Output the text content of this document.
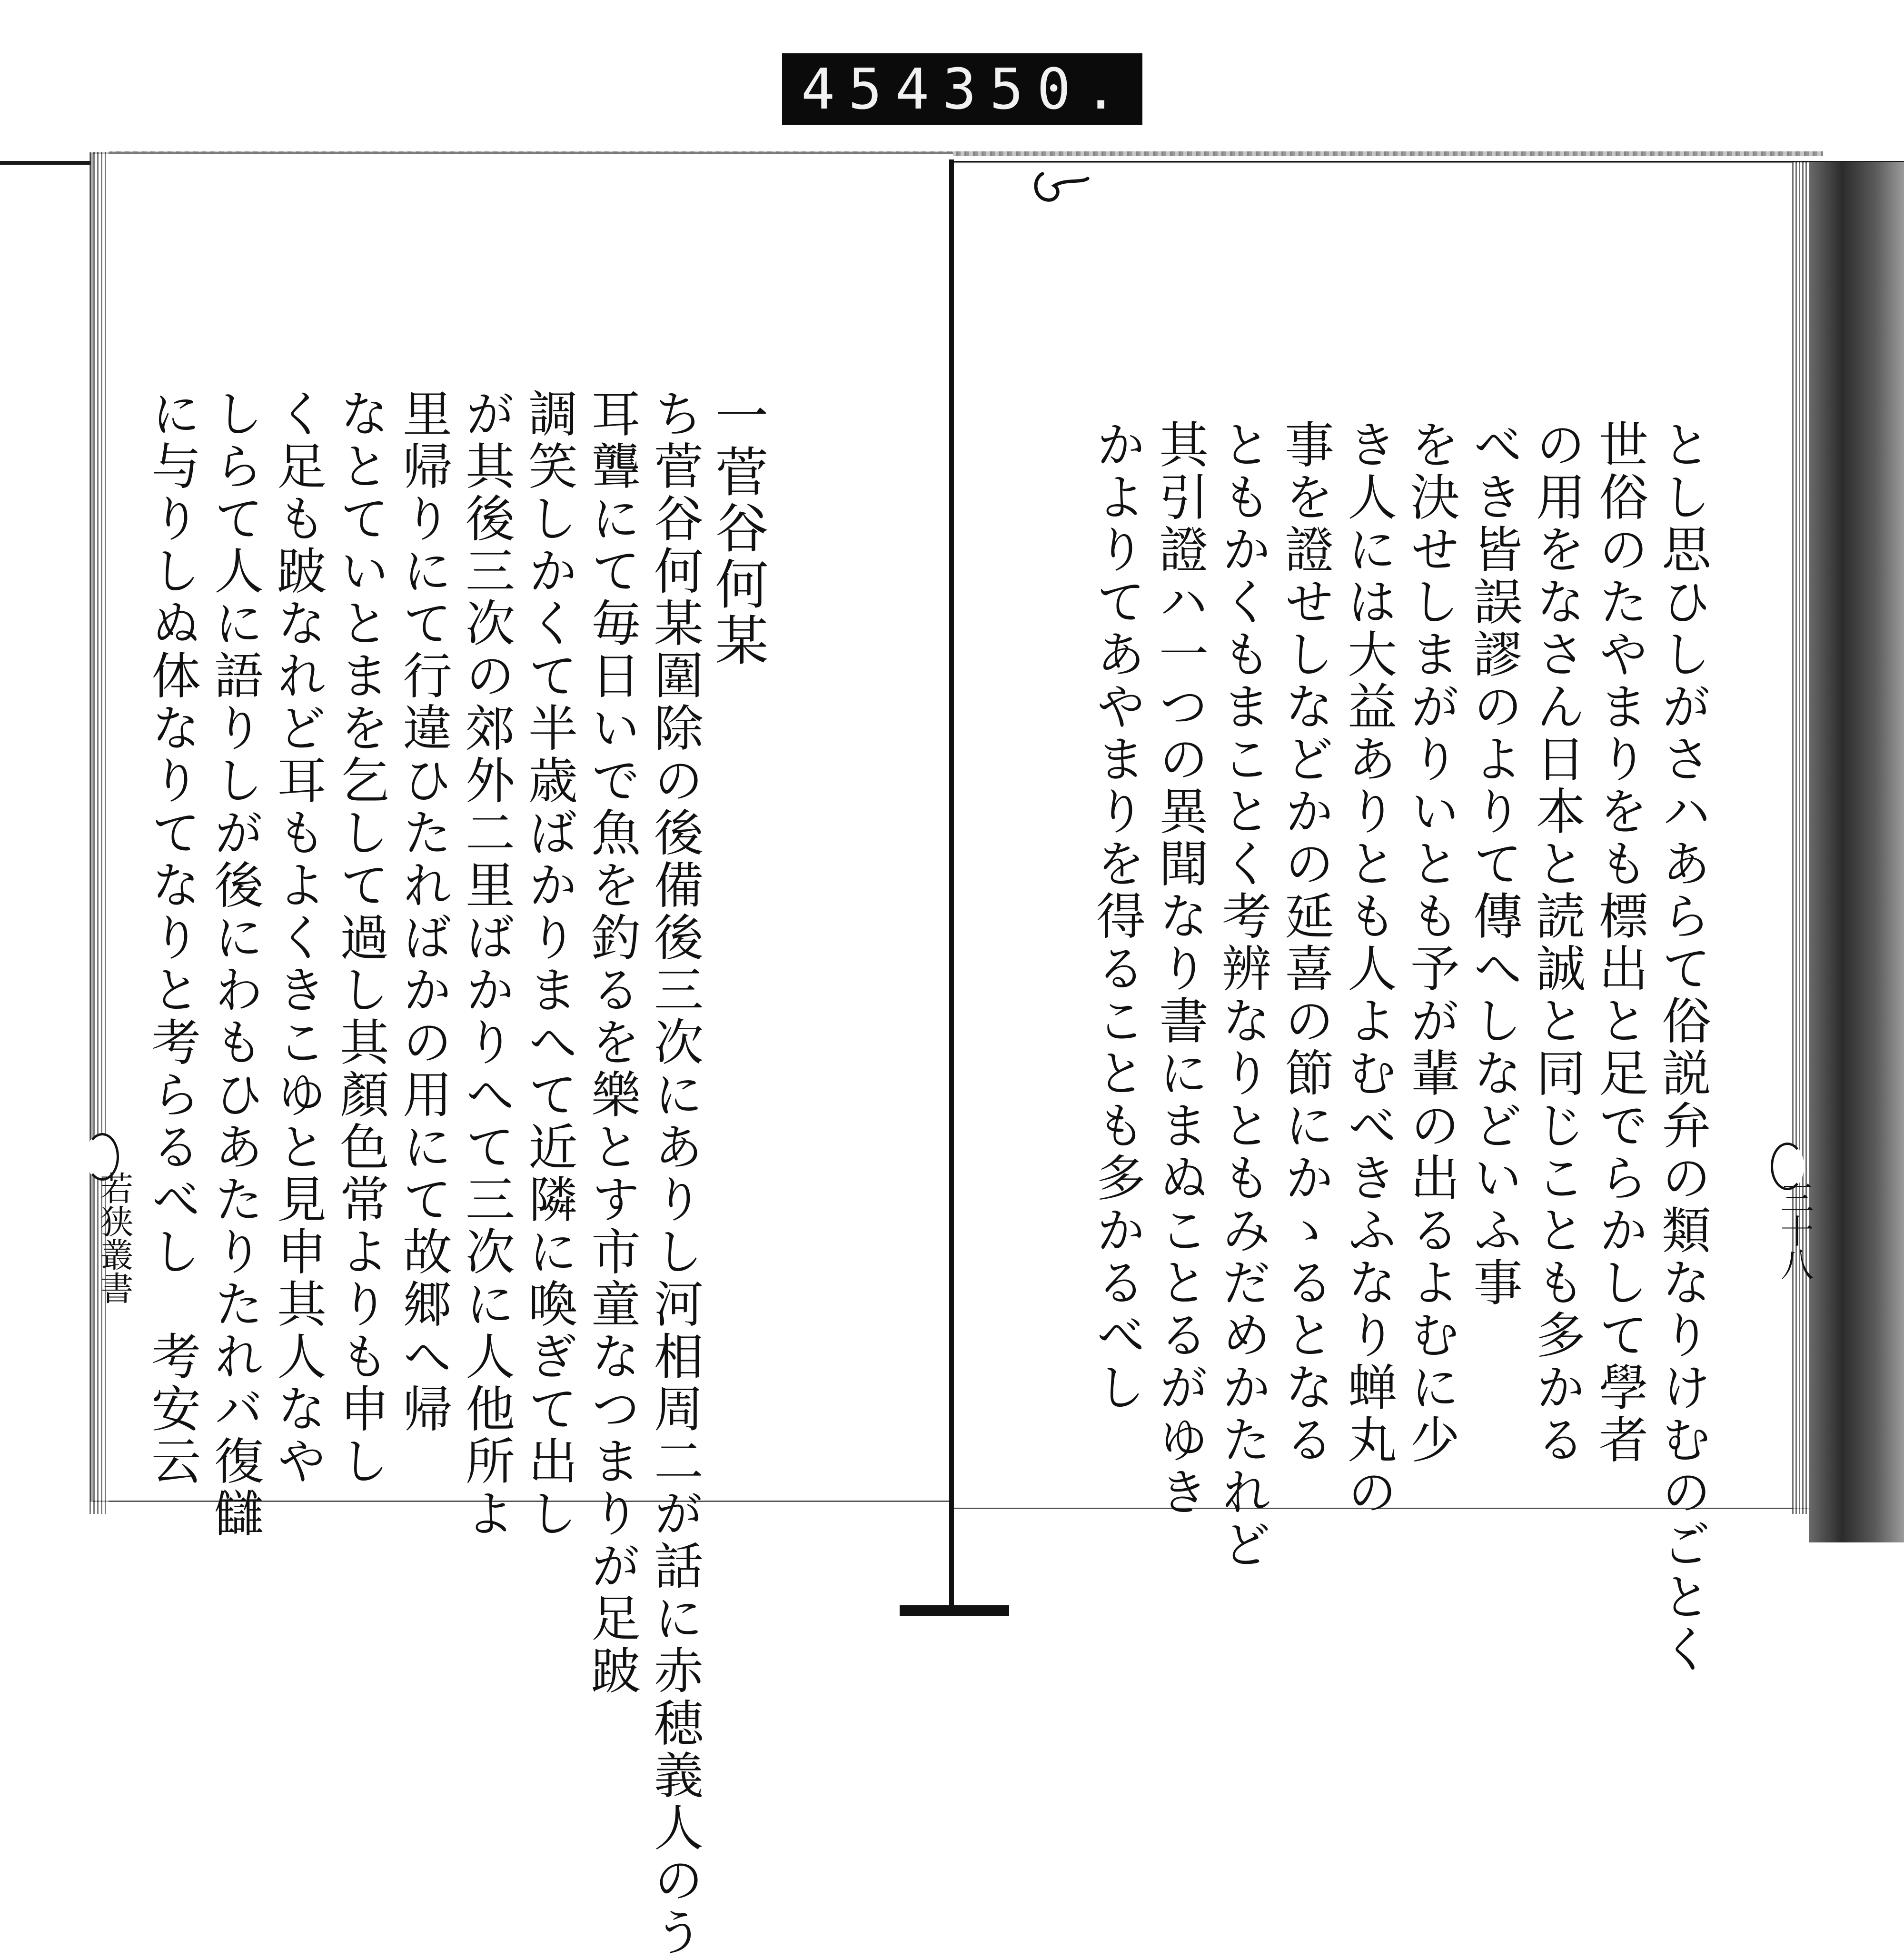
454 350.
若狭叢書	三十八
とし思ひしがさハあらて俗説弁の類なりけむのごとく
世俗のたやまりをも標出と足でらかして學者
の用をなさん日本と読誠と同じことも多かる
べき皆誤謬のよりて傳へしなどいふ事
を決せしまがりいとも予が輩の出るよむに少
き人には大益ありとも人よむべきふなり蝉丸の
事を證せしなどかの延喜の節にかゝるとなる
ともかくもまことく考辨なりともみだめかたれど
其引證ハ一つの異聞なり書にまぬことるがゆき
かよりてあやまりを得ることも多かるべし
一菅谷何某
ち菅谷何某圍除の後備後三次にありし河相周二が話に赤穂義人のう
耳聾にて毎日いで魚を釣るを樂とす市童なつまりが足跛
調笑しかくて半歳ばかりまへて近隣に喚ぎて出し
が其後三次の郊外二里ばかりへて三次に人他所よ
里帰りにて行違ひたればかの用にて故郷へ帰
なとていとまを乞して過し其顏色常よりも申し
く足も跛なれど耳もよくきこゆと見申其人なや
しらて人に語りしが後にわもひあたりたれバ復讎
に与りしぬ体なりてなりと考らるべし　考安云
